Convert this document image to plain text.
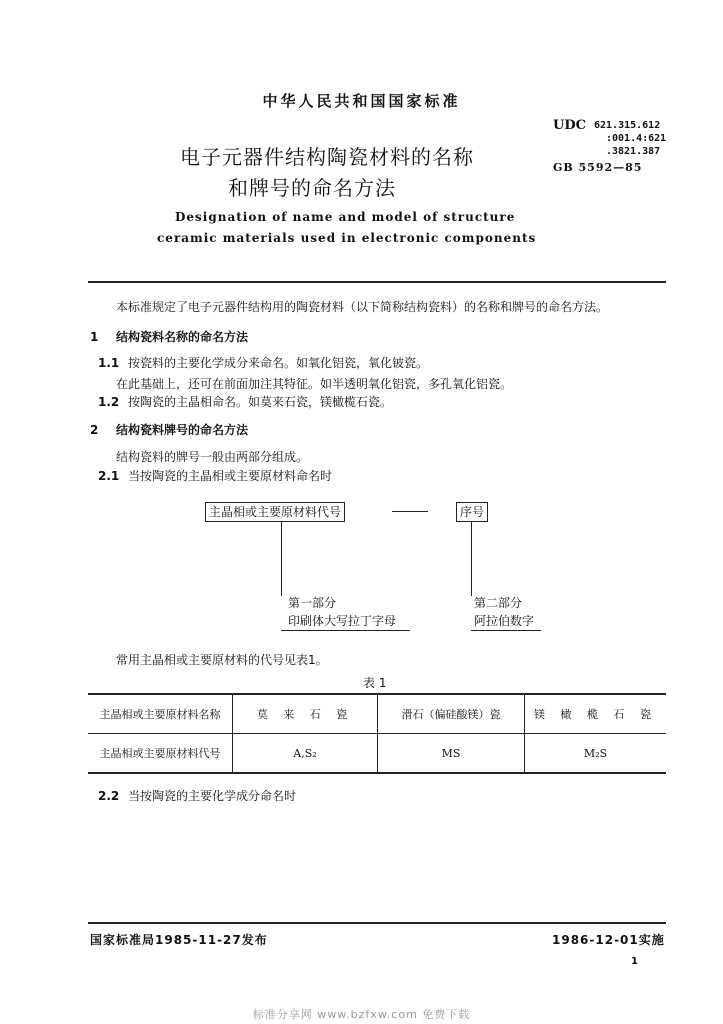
中华人民共和国国家标准
电子元器件结构陶瓷材料的名称
和牌号的命名方法
Designation of name and model of structure
ceramic materials used in electronic components
UDC 621.315.612
:001.4:621
.3821.387
GB 5592—85
本标准规定了电子元器件结构用的陶瓷材料（以下简称结构瓷料）的名称和牌号的命名方法。
1 结构瓷料名称的命名方法
1.1 按瓷料的主要化学成分来命名。如氧化铝瓷，氧化铍瓷。
在此基础上，还可在前面加注其特征。如半透明氧化铝瓷，多孔氧化铝瓷。
1.2 按陶瓷的主晶相命名。如莫来石瓷，镁橄榄石瓷。
2 结构瓷料牌号的命名方法
结构瓷料的牌号一般由两部分组成。
2.1 当按陶瓷的主晶相或主要原材料命名时
主晶相或主要原材料代号	序号
第一部分
印刷体大写拉丁字母
第二部分
阿拉伯数字
常用主晶相或主要原材料的代号见表1。
表 1
主晶相或主要原材料名称	莫 来 石 瓷	滑石（偏硅酸镁）瓷	镁 橄 榄 石 瓷
主晶相或主要原材料代号	A,S₂	MS	M₂S
2.2 当按陶瓷的主要化学成分命名时
国家标准局1985-11-27发布	1986-12-01实施
1
标准分享网 www.bzfxw.com 免费下载
